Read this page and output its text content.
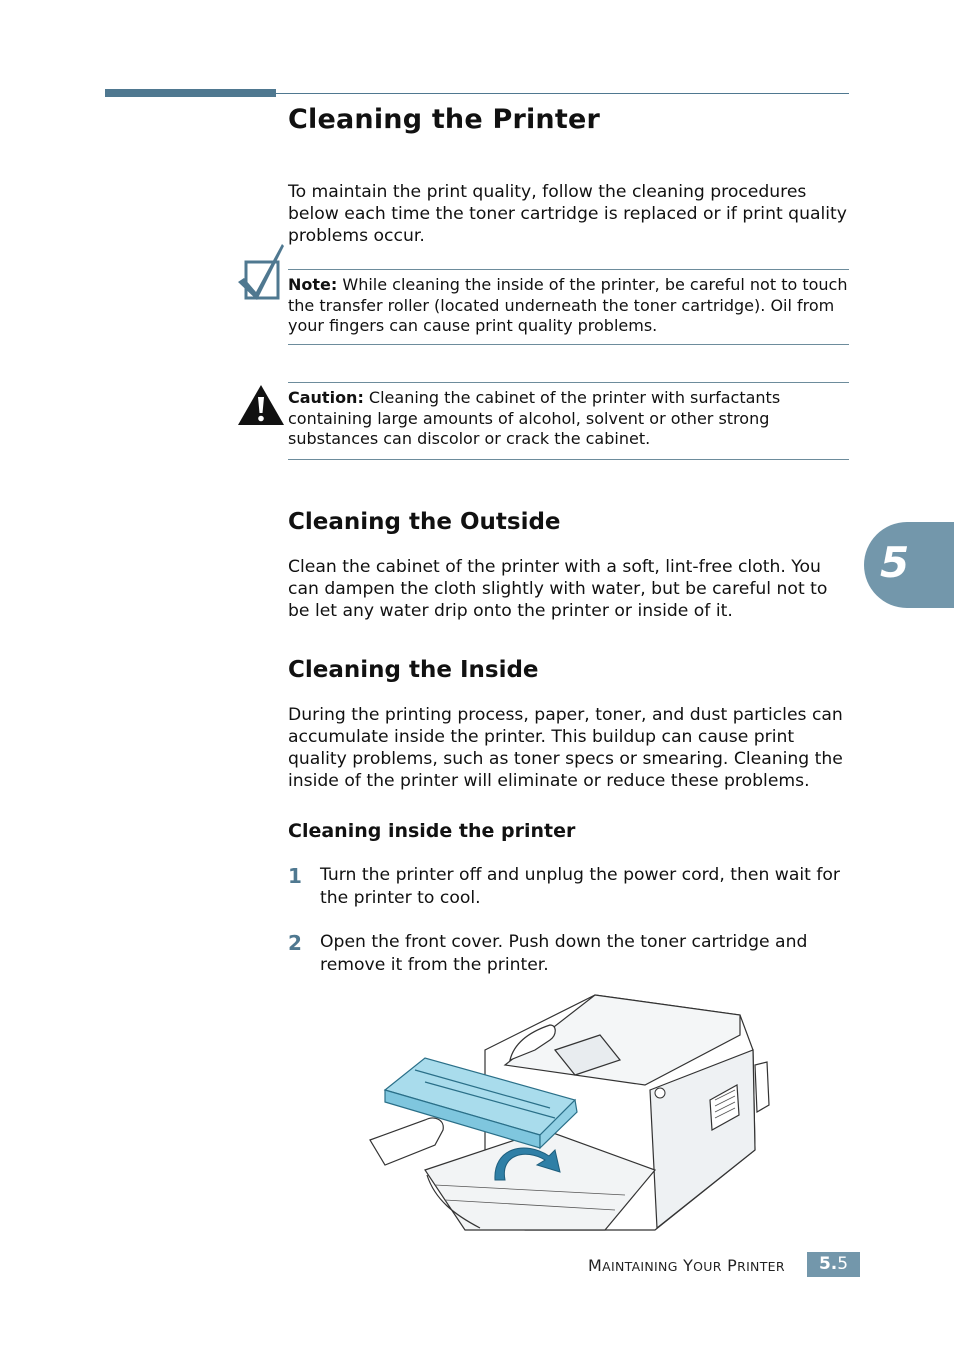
Cleaning the Printer

To maintain the print quality, follow the cleaning procedures below each time the toner cartridge is replaced or if print quality problems occur.

Note: While cleaning the inside of the printer, be careful not to touch the transfer roller (located underneath the toner cartridge). Oil from your fingers can cause print quality problems.

Caution: Cleaning the cabinet of the printer with surfactants containing large amounts of alcohol, solvent or other strong substances can discolor or crack the cabinet.

Cleaning the Outside

Clean the cabinet of the printer with a soft, lint-free cloth. You can dampen the cloth slightly with water, but be careful not to be let any water drip onto the printer or inside of it.

Cleaning the Inside

During the printing process, paper, toner, and dust particles can accumulate inside the printer. This buildup can cause print quality problems, such as toner specs or smearing. Cleaning the inside of the printer will eliminate or reduce these problems.

Cleaning inside the printer
1 Turn the printer off and unplug the power cord, then wait for the printer to cool.

2 Open the front cover. Push down the toner cartridge and remove it from the printer.

5
MAINTAINING YOUR PRINTER	5.5
